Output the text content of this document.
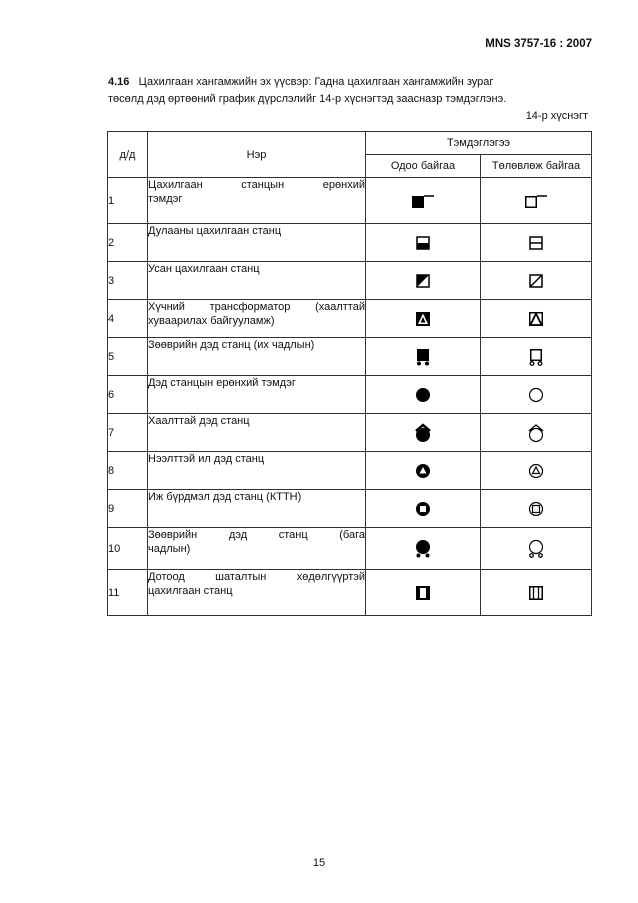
MNS 3757-16 : 2007

4.16 Цахилгаан хангамжийн эх үүсвэр: Гадна цахилгаан хангамжийн зураг

төсөлд дэд өртөөний график дүрслэлийг 14-р хүснэгтэд заасназр тэмдэглэнэ.

14-р хүснэгт
д/д	Нэр	Тэмдэглэгээ	
		Одоо байгаа	Төлөвлөж байгаа
1	Цахилгаан станцын ерөнхий
тэмдэг		
2	Дулааны цахилгаан станц		
3	Усан цахилгаан станц		
4	Хүчний трансформатор (хаалттай
хуваарилах байгууламж)		
5	Зөөврийн дэд станц (их чадлын)		
6	Дэд станцын ерөнхий тэмдэг		
7	Хаалттай дэд станц		
8	Нээлттэй ил дэд станц		
9	Иж бүрдмэл дэд станц (КТТН)		
10	Зөөврийн дэд станц (бага
чадлын)		
11	Дотоод шаталтын хөдөлгүүртэй
цахилгаан станц		
15
